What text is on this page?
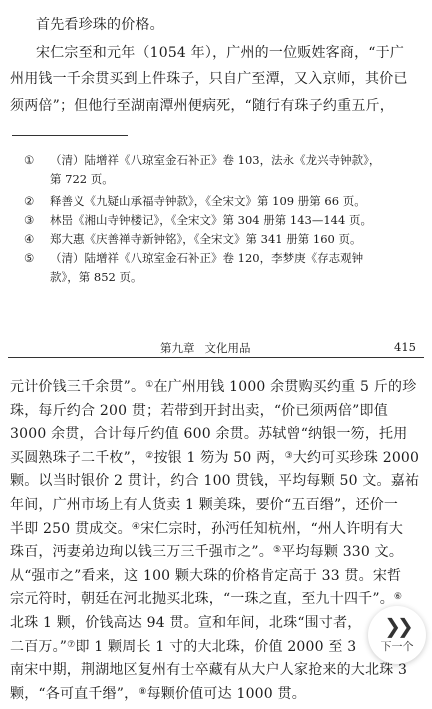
首先看珍珠的价格。
宋仁宗至和元年（1054 年），广州的一位贩姓客商，“于广
州用钱一千余贯买到上件珠子，只自广至潭，又入京师，其价已
须两倍”；但他行至湖南潭州便病死，“随行有珠子约重五斤，
① （清）陆增祥《八琼室金石补正》卷 103，法永《龙兴寺钟款》，
第 722 页。
② 释善义《九疑山承福寺钟款》，《全宋文》第 109 册第 66 页。
③ 林岊《湘山寺钟楼记》，《全宋文》第 304 册第 143—144 页。
④ 郑大惠《庆善禅寺新钟铭》，《全宋文》第 341 册第 160 页。
⑤ （清）陆增祥《八琼室金石补正》卷 120，李梦庚《存志观钟
款》，第 852 页。
第九章 文化用品	415
元计价钱三千余贯”。①在广州用钱 1000 余贯购买约重 5 斤的珍
珠，每斤约合 200 贯；若带到开封出卖，“价已须两倍”即值
3000 余贯，合计每斤约值 600 余贯。苏轼曾“纳银一笏，托用
买圆熟珠子二千枚”，②按银 1 笏为 50 两，③大约可买珍珠 2000
颗。以当时银价 2 贯计，约合 100 贯钱，平均每颗 50 文。嘉祐
年间，广州市场上有人货卖 1 颗美珠，要价“五百缗”，还价一
半即 250 贯成交。④宋仁宗时，孙沔任知杭州，“州人许明有大
珠百，沔妻弟边珣以钱三万三千强市之”。⑤平均每颗 330 文。
从“强市之”看来，这 100 颗大珠的价格肯定高于 33 贯。宋哲
宗元符时，朝廷在河北抛买北珠，“一珠之直，至九十四千”。⑥
北珠 1 颗，价钱高达 94 贯。宣和年间，北珠“围寸者，
二百万。”⑦即 1 颗周长 1 寸的大北珠，价值 2000 至 3
南宋中期，荆湖地区复州有士卒藏有从大户人家抢来的大北珠 3
颗，“各可直千缗”，⑧每颗价值可达 1000 贯。
❯❯
下一个
